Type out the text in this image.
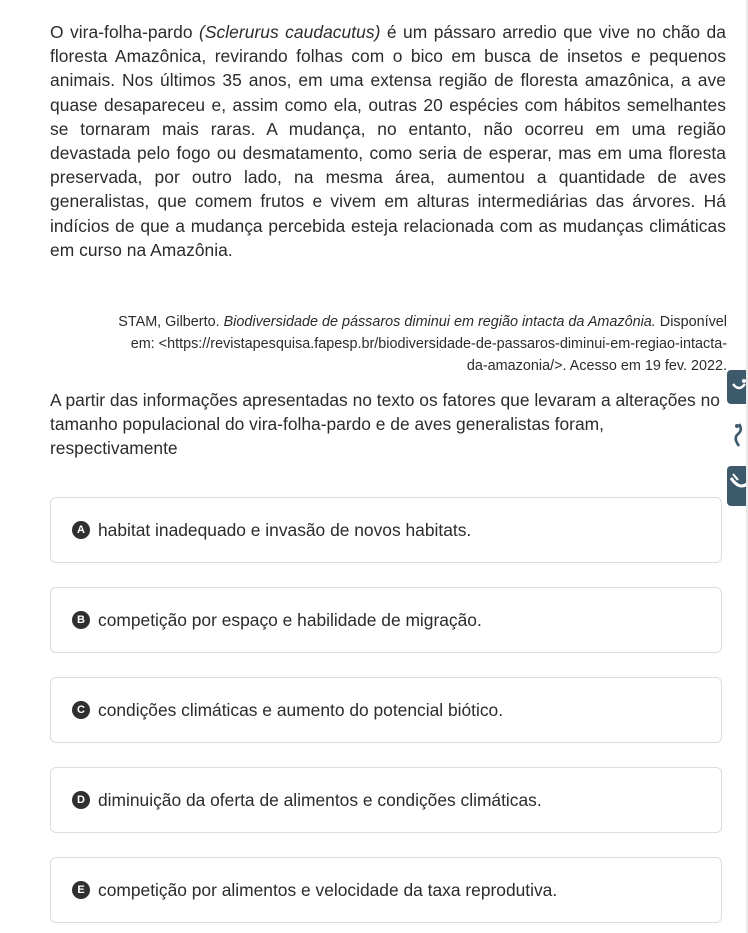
O vira-folha-pardo (Sclerurus caudacutus) é um pássaro arredio que vive no chão da floresta Amazônica, revirando folhas com o bico em busca de insetos e pequenos animais. Nos últimos 35 anos, em uma extensa região de floresta amazônica, a ave quase desapareceu e, assim como ela, outras 20 espécies com hábitos semelhantes se tornaram mais raras. A mudança, no entanto, não ocorreu em uma região devastada pelo fogo ou desmatamento, como seria de esperar, mas em uma floresta preservada, por outro lado, na mesma área, aumentou a quantidade de aves generalistas, que comem frutos e vivem em alturas intermediárias das árvores. Há indícios de que a mudança percebida esteja relacionada com as mudanças climáticas em curso na Amazônia.
STAM, Gilberto. Biodiversidade de pássaros diminui em região intacta da Amazônia. Disponível
em: <https://revistapesquisa.fapesp.br/biodiversidade-de-passaros-diminui-em-regiao-intacta-
da-amazonia/>. Acesso em 19 fev. 2022.
A partir das informações apresentadas no texto os fatores que levaram a alterações no tamanho populacional do vira-folha-pardo e de aves generalistas foram, respectivamente
A habitat inadequado e invasão de novos habitats.
B competição por espaço e habilidade de migração.
C condições climáticas e aumento do potencial biótico.
D diminuição da oferta de alimentos e condições climáticas.
E competição por alimentos e velocidade da taxa reprodutiva.
